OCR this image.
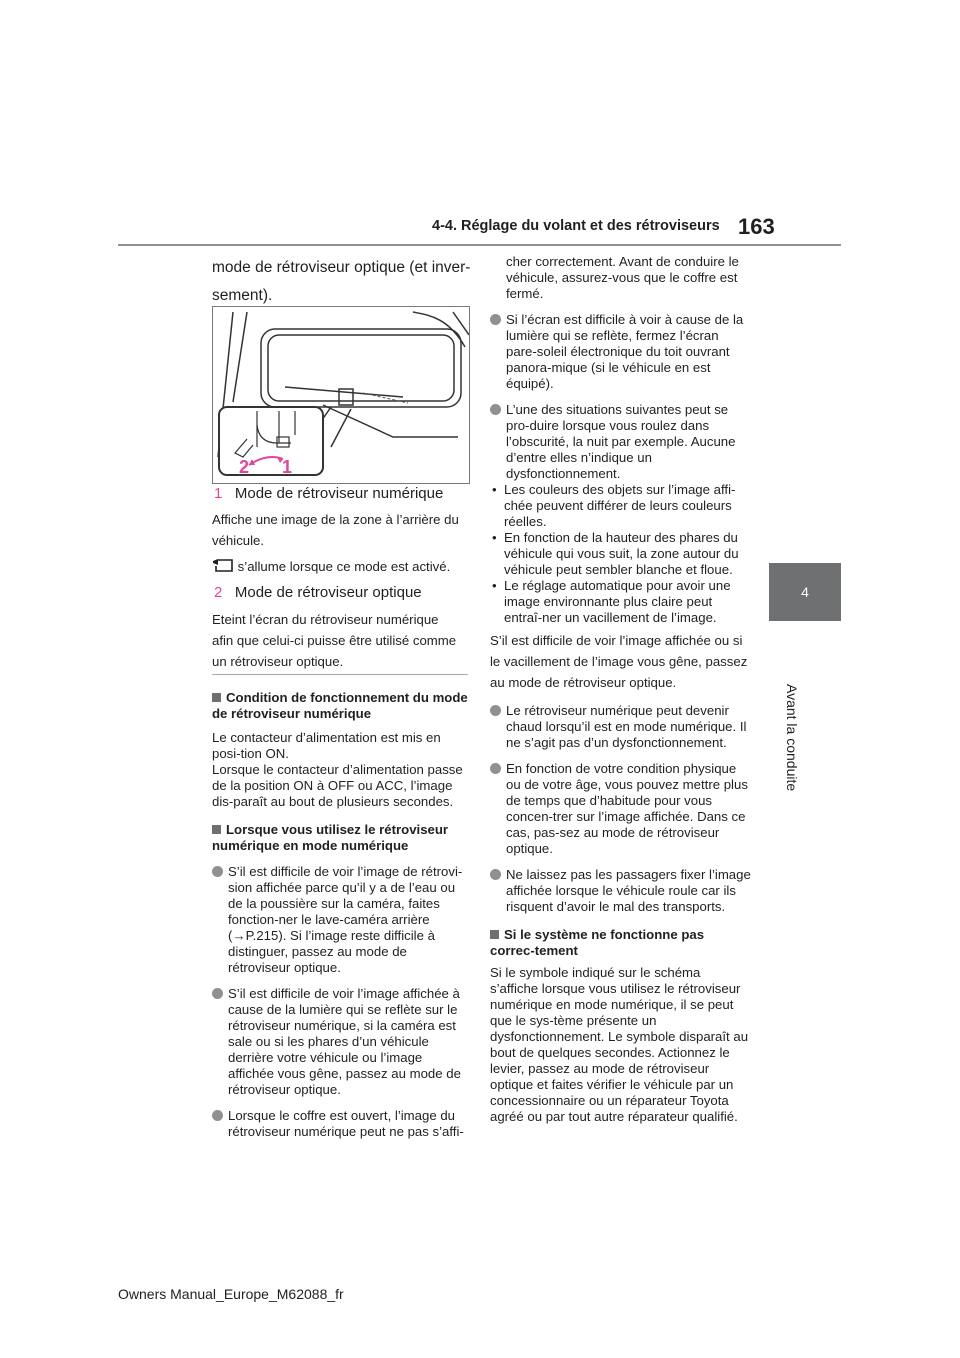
4-4. Réglage du volant et des rétroviseurs 163
4
Avant la conduite
mode de rétroviseur optique (et inver-sement).
2 1
1 Mode de rétroviseur numérique
Affiche une image de la zone à l’arrière du véhicule.
s’allume lorsque ce mode est activé.
2 Mode de rétroviseur optique
Eteint l’écran du rétroviseur numérique afin que celui-ci puisse être utilisé comme un rétroviseur optique.

Condition de fonctionnement du mode de rétroviseur numérique

Le contacteur d’alimentation est mis en posi-tion ON.

Lorsque le contacteur d’alimentation passe de la position ON à OFF ou ACC, l’image dis-paraît au bout de plusieurs secondes.

Lorsque vous utilisez le rétroviseur numérique en mode numérique

S’il est difficile de voir l’image de rétrovi-sion affichée parce qu’il y a de l’eau ou de la poussière sur la caméra, faites fonction-ner le lave-caméra arrière (→P.215). Si l’image reste difficile à distinguer, passez au mode de rétroviseur optique.

S’il est difficile de voir l’image affichée à cause de la lumière qui se reflète sur le rétroviseur numérique, si la caméra est sale ou si les phares d’un véhicule derrière votre véhicule ou l’image affichée vous gêne, passez au mode de rétroviseur optique.

Lorsque le coffre est ouvert, l’image du rétroviseur numérique peut ne pas s’affi-

cher correctement. Avant de conduire le véhicule, assurez-vous que le coffre est fermé.

Si l’écran est difficile à voir à cause de la lumière qui se reflète, fermez l’écran pare-soleil électronique du toit ouvrant panora-mique (si le véhicule en est équipé).

L’une des situations suivantes peut se pro-duire lorsque vous roulez dans l’obscurité, la nuit par exemple. Aucune d’entre elles n’indique un dysfonctionnement.

• Les couleurs des objets sur l’image affi-chée peuvent différer de leurs couleurs réelles.

• En fonction de la hauteur des phares du véhicule qui vous suit, la zone autour du véhicule peut sembler blanche et floue.

• Le réglage automatique pour avoir une image environnante plus claire peut entraî-ner un vacillement de l’image.

S’il est difficile de voir l’image affichée ou si le vacillement de l’image vous gêne, passez au mode de rétroviseur optique.

Le rétroviseur numérique peut devenir chaud lorsqu’il est en mode numérique. Il ne s’agit pas d’un dysfonctionnement.

En fonction de votre condition physique ou de votre âge, vous pouvez mettre plus de temps que d’habitude pour vous concen-trer sur l’image affichée. Dans ce cas, pas-sez au mode de rétroviseur optique.

Ne laissez pas les passagers fixer l’image affichée lorsque le véhicule roule car ils risquent d’avoir le mal des transports.

Si le système ne fonctionne pas correc-tement

Si le symbole indiqué sur le schéma s’affiche lorsque vous utilisez le rétroviseur numérique en mode numérique, il se peut que le sys-tème présente un dysfonctionnement. Le symbole disparaît au bout de quelques secondes. Actionnez le levier, passez au mode de rétroviseur optique et faites vérifier le véhicule par un concessionnaire ou un réparateur Toyota agréé ou par tout autre réparateur qualifié.

Owners Manual_Europe_M62088_fr
